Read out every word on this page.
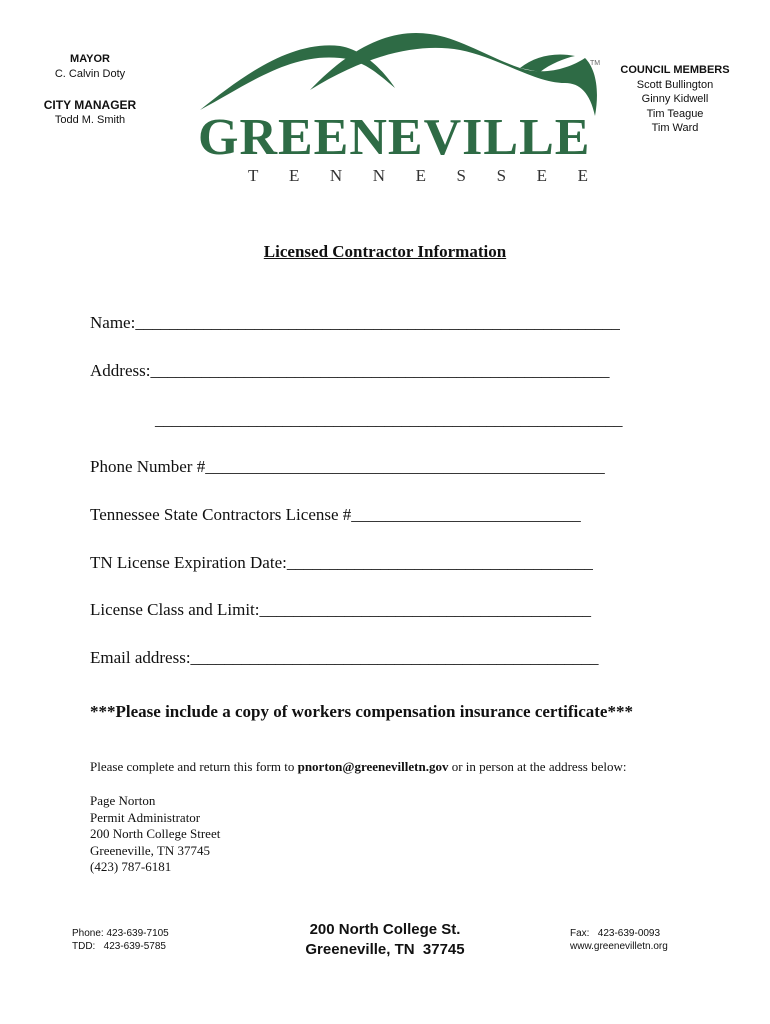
MAYOR
C. Calvin Doty
CITY MANAGER
Todd M. Smith
COUNCIL MEMBERS
Scott Bullington
Ginny Kidwell
Tim Teague
Tim Ward
TM
GREENEVILLE
T E N N E S S E E
Licensed Contractor Information
Name:_________________________________________________________
Address:______________________________________________________
_______________________________________________________
Phone Number #_______________________________________________
Tennessee State Contractors License #___________________________
TN License Expiration Date:____________________________________
License Class and Limit:_______________________________________
Email address:________________________________________________
***Please include a copy of workers compensation insurance certificate***
Please complete and return this form to pnorton@greenevilletn.gov or in person at the address below:
Page Norton
Permit Administrator
200 North College Street
Greeneville, TN 37745
(423) 787-6181
Phone: 423-639-7105
TDD:   423-639-5785
200 North College St.
Greeneville, TN  37745
Fax:   423-639-0093
www.greenevilletn.org
